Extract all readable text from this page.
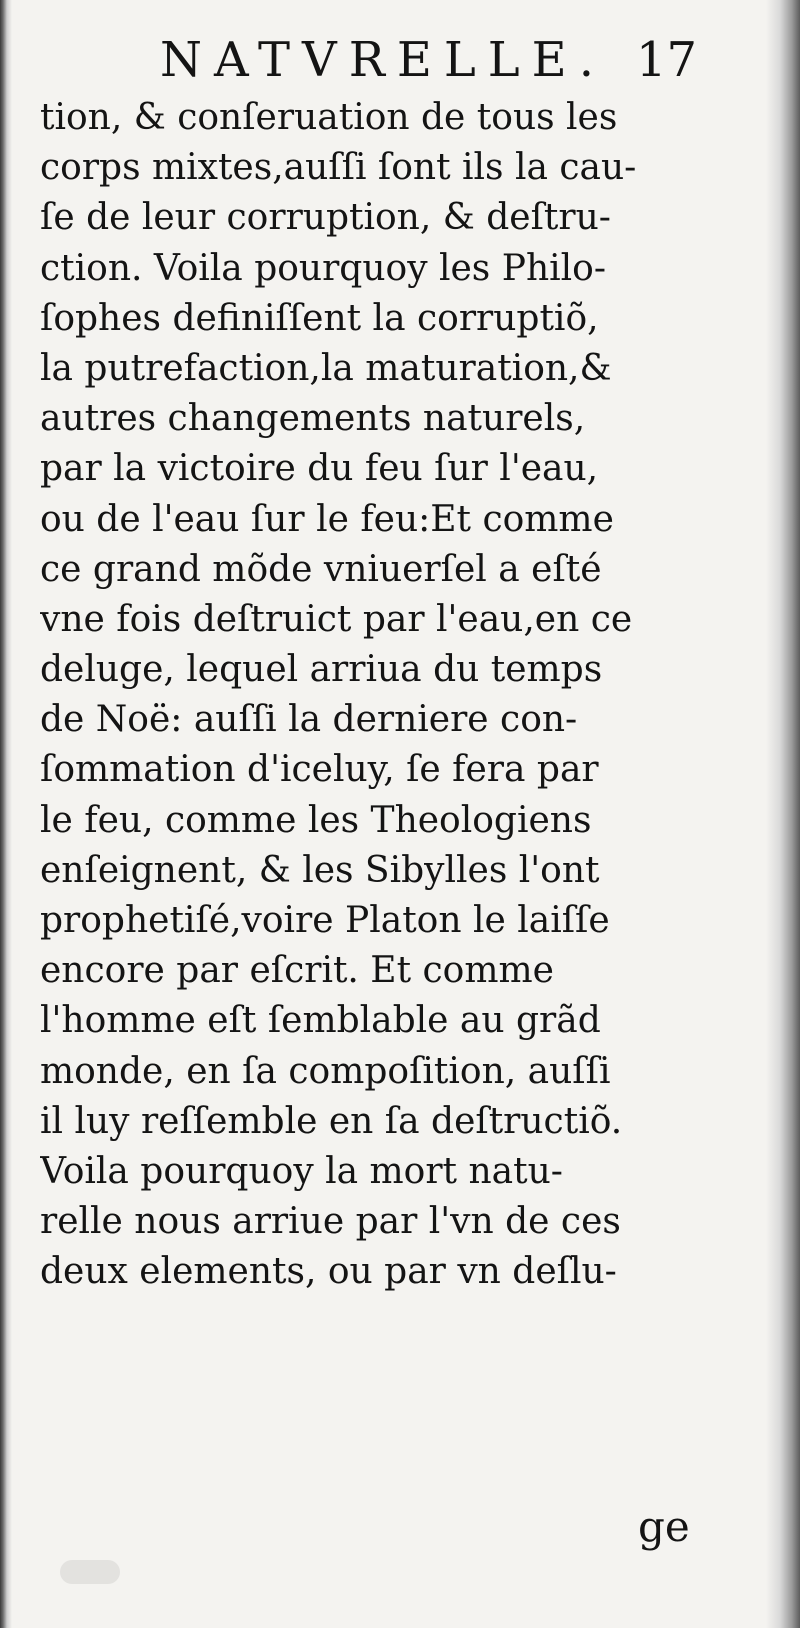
NATVRELLE. 17
tion, & conſeruation de tous les
corps mixtes,auſſi ſont ils la cau-
ſe de leur corruption, & deſtru-
ction. Voila pourquoy les Philo-
ſophes definiſſent la corruptiõ,
la putrefaction,la maturation,&
autres changements naturels,
par la victoire du feu ſur l'eau,
ou de l'eau ſur le feu:Et comme
ce grand mõde vniuerſel a eſté
vne fois deſtruict par l'eau,en ce
deluge, lequel arriua du temps
de Noë: auſſi la derniere con-
ſommation d'iceluy, ſe fera par
le feu, comme les Theologiens
enſeignent, & les Sibylles l'ont
prophetiſé,voire Platon le laiſſe
encore par eſcrit. Et comme
l'homme eſt ſemblable au grãd
monde, en ſa compoſition, auſſi
il luy reſſemble en ſa deſtructiõ.
Voila pourquoy la mort natu-
relle nous arriue par l'vn de ces
deux elements, ou par vn deſlu-
ge
